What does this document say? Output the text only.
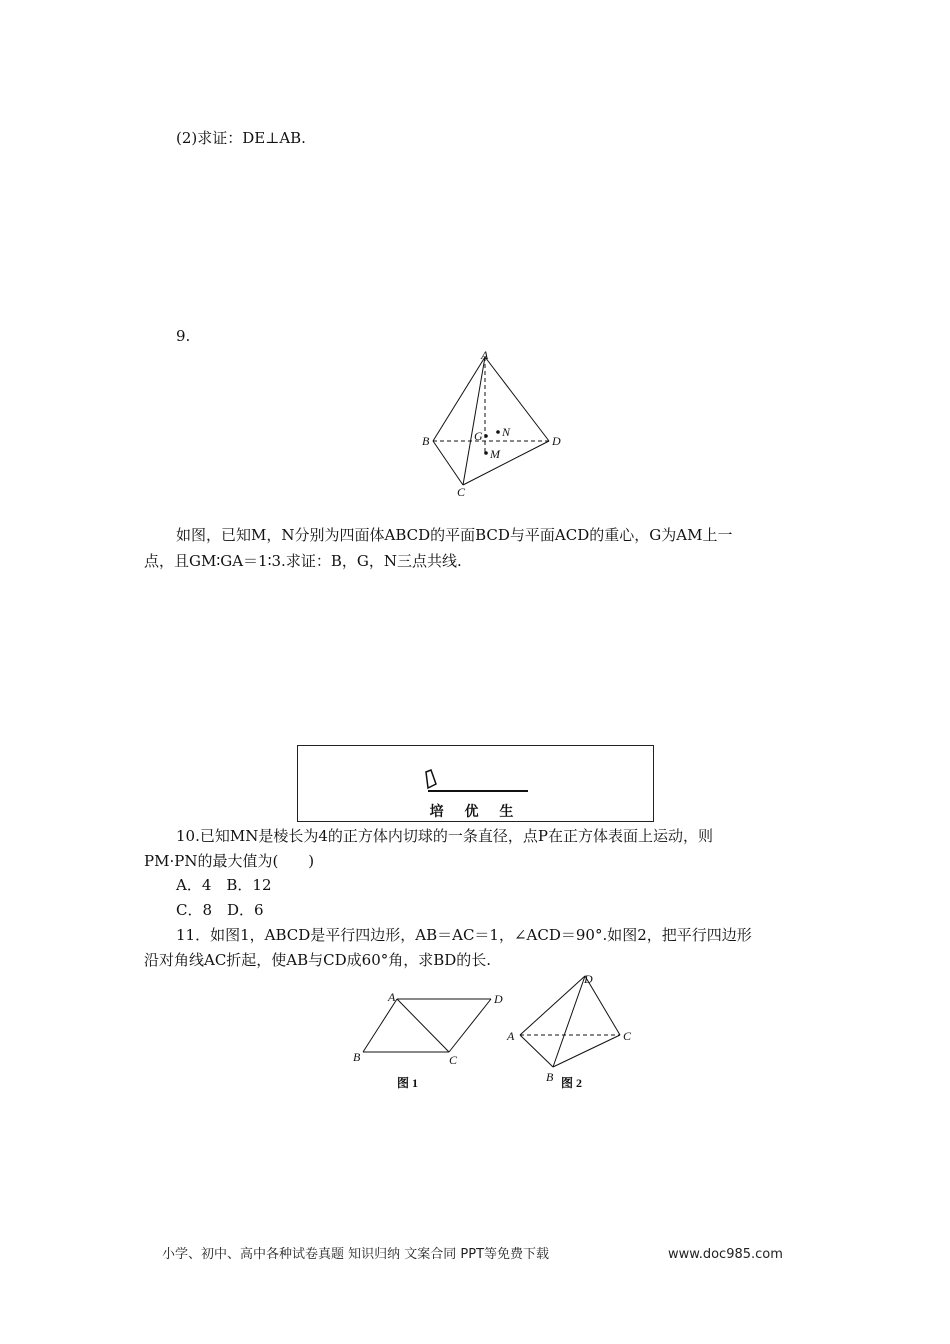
(2)求证：DE⊥AB.
9.
A
B
C
D
G N
M
如图，已知M，N分别为四面体ABCD的平面BCD与平面ACD的重心，G为AM上一
点，且GM∶GA＝1∶3.求证：B，G，N三点共线.
培 优 生
10.已知MN是棱长为4的正方体内切球的一条直径，点P在正方体表面上运动，则
PM·PN的最大值为(　　)
A．4　B．12
C．8　D．6
11．如图1，ABCD是平行四边形，AB＝AC＝1，∠ACD＝90°.如图2，把平行四边形
沿对角线AC折起，使AB与CD成60°角，求BD的长.
A	D
B	C
图 1
D
A	C
B 图 2
小学、初中、高中各种试卷真题 知识归纳 文案合同 PPT等免费下载	www.doc985.com
